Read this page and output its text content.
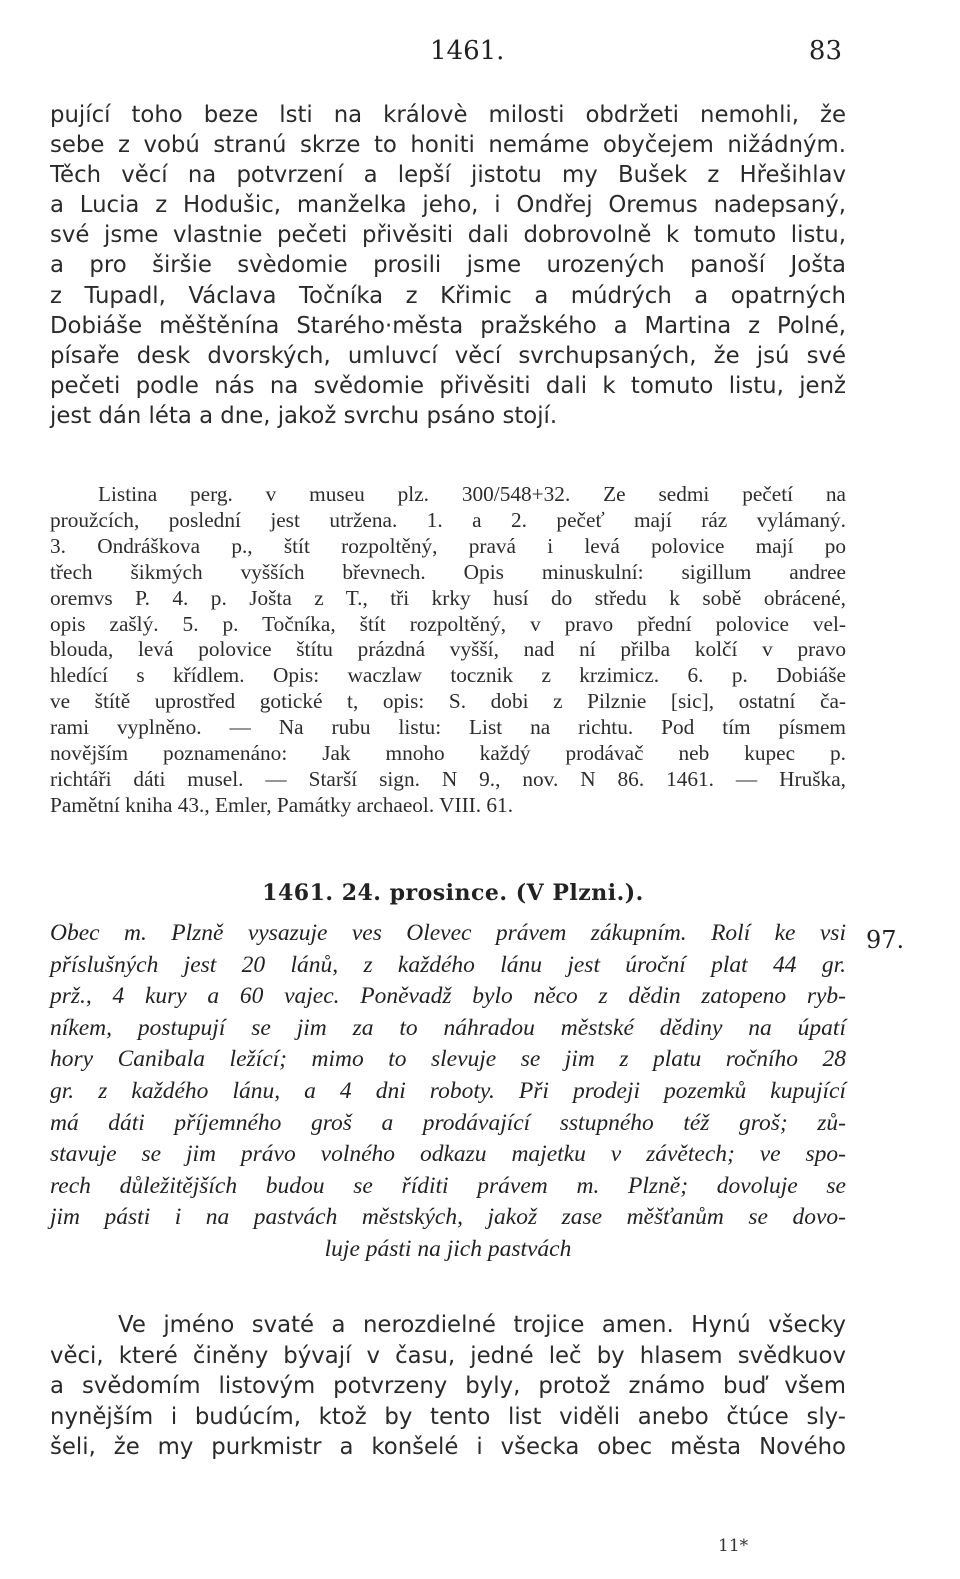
1461.	83
pující toho beze lsti na královè milosti obdržeti nemohli, že
sebe z vobú stranú skrze to honiti nemáme obyčejem nižádným.
Těch věcí na potvrzení a lepší jistotu my Bušek z Hřešihlav
a Lucia z Hodušic, manželka jeho, i Ondřej Oremus nadepsaný,
své jsme vlastnie pečeti přivěsiti dali dobrovolně k tomuto listu,
a pro širšie svèdomie prosili jsme urozených panoší Jošta
z Tupadl, Václava Točníka z Křimic a múdrých a opatrných
Dobiáše měštěnína Starého·města pražského a Martina z Polné,
písaře desk dvorských, umluvcí věcí svrchupsaných, že jsú své
pečeti podle nás na svědomie přivěsiti dali k tomuto listu, jenž
jest dán léta a dne, jakož svrchu psáno stojí.
Listina perg. v museu plz. 300/548+32. Ze sedmi pečetí na
proužcích, poslední jest utržena. 1. a 2. pečeť mají ráz vylámaný.
3. Ondráškova p., štít rozpoltěný, pravá i levá polovice mají po
třech šikmých vyšších břevnech. Opis minuskulní: sigillum andree
oremvs P. 4. p. Jošta z T., tři krky husí do středu k sobě obrácené,
opis zašlý. 5. p. Točníka, štít rozpoltěný, v pravo přední polovice vel-
blouda, levá polovice štítu prázdná vyšší, nad ní přilba kolčí v pravo
hledící s křídlem. Opis: waczlaw tocznik z krzimicz. 6. p. Dobiáše
ve štítě uprostřed gotické t, opis: S. dobi z Pilznie [sic], ostatní ča-
rami vyplněno. — Na rubu listu: List na richtu. Pod tím písmem
novějším poznamenáno: Jak mnoho každý prodávač neb kupec p.
richtáři dáti musel. — Starší sign. N 9., nov. N 86. 1461. — Hruška,
Pamětní kniha 43., Emler, Památky archaeol. VIII. 61.
1461. 24. prosince. (V Plzni.).
97.
Obec m. Plzně vysazuje ves Olevec právem zákupním. Rolí ke vsi
příslušných jest 20 lánů, z každého lánu jest úroční plat 44 gr.
prž., 4 kury a 60 vajec. Poněvadž bylo něco z dědin zatopeno ryb-
níkem, postupují se jim za to náhradou městské dědiny na úpatí
hory Canibala ležící; mimo to slevuje se jim z platu ročního 28
gr. z každého lánu, a 4 dni roboty. Při prodeji pozemků kupující
má dáti příjemného groš a prodávající sstupného též groš; zů-
stavuje se jim právo volného odkazu majetku v závětech; ve spo-
rech důležitějších budou se říditi právem m. Plzně; dovoluje se
jim pásti i na pastvách městských, jakož zase měšťanům se dovo-
luje pásti na jich pastvách
Ve jméno svaté a nerozdielné trojice amen. Hynú všecky
věci, které činěny bývají v času, jedné leč by hlasem svědkuov
a svědomím listovým potvrzeny byly, protož známo buď všem
nynějším i budúcím, ktož by tento list viděli anebo čtúce sly-
šeli, že my purkmistr a konšelé i všecka obec města Nového
11*
